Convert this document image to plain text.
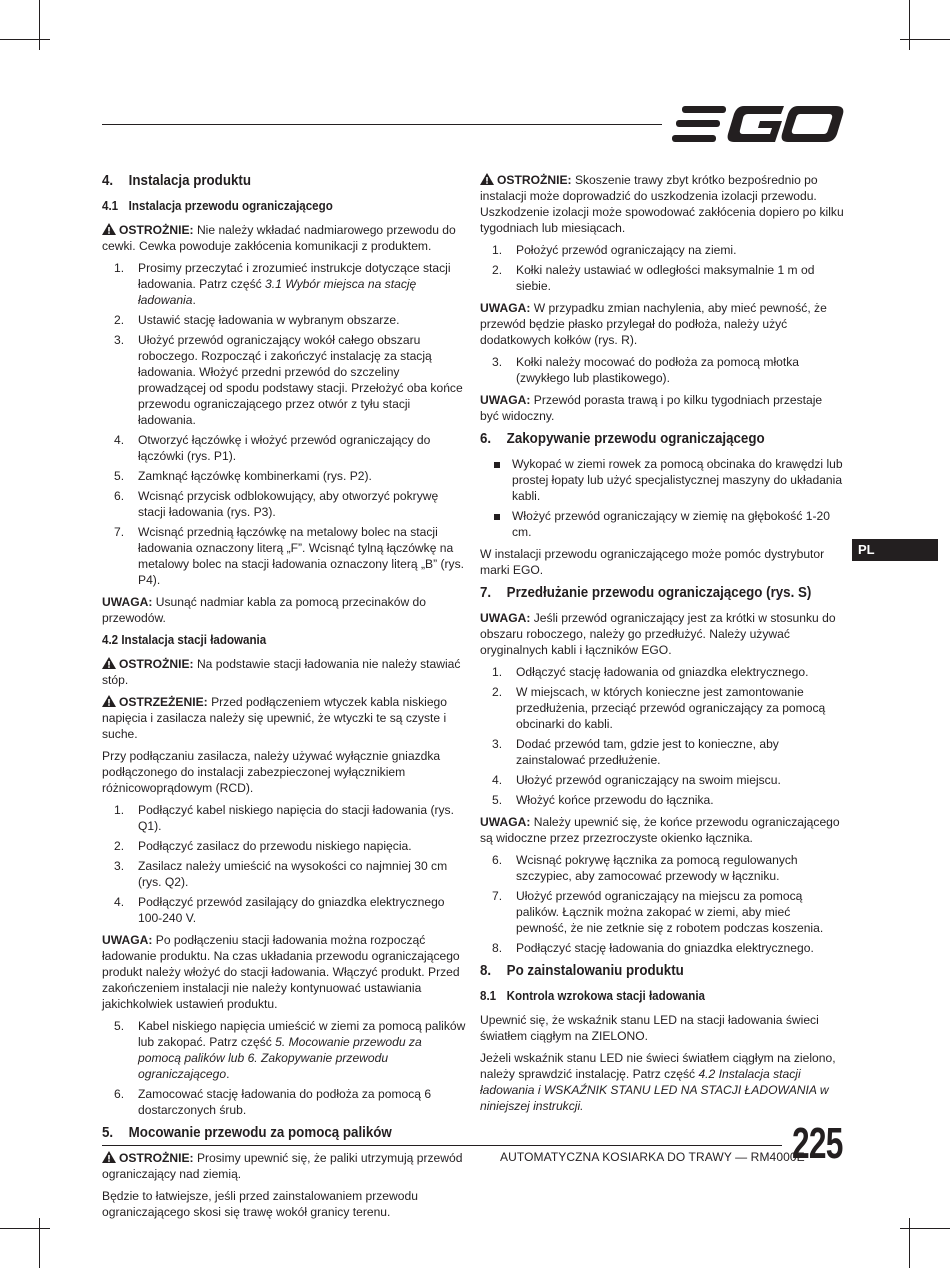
4.	Instalacja produktu
4.1 Instalacja przewodu ograniczającego

OSTROŻNIE: Nie należy wkładać nadmiarowego przewodu do cewki. Cewka powoduje zakłócenia komunikacji z produktem.

1.	Prosimy przeczytać i zrozumieć instrukcje dotyczące stacji ładowania. Patrz część 3.1 Wybór miejsca na stację ładowania.
2.	Ustawić stację ładowania w wybranym obszarze.
3.	Ułożyć przewód ograniczający wokół całego obszaru roboczego. Rozpocząć i zakończyć instalację za stacją ładowania. Włożyć przedni przewód do szczeliny prowadzącej od spodu podstawy stacji. Przełożyć oba końce przewodu ograniczającego przez otwór z tyłu stacji ładowania.
4.	Otworzyć łączówkę i włożyć przewód ograniczający do łączówki (rys. P1).
5.	Zamknąć łączówkę kombinerkami (rys. P2).
6.	Wcisnąć przycisk odblokowujący, aby otworzyć pokrywę stacji ładowania (rys. P3).
7.	Wcisnąć przednią łączówkę na metalowy bolec na stacji ładowania oznaczony literą „F”. Wcisnąć tylną łączówkę na metalowy bolec na stacji ładowania oznaczony literą „B” (rys. P4).

UWAGA: Usunąć nadmiar kabla za pomocą przecinaków do przewodów.

4.2 Instalacja stacji ładowania

OSTROŻNIE: Na podstawie stacji ładowania nie należy stawiać stóp.

OSTRZEŻENIE: Przed podłączeniem wtyczek kabla niskiego napięcia i zasilacza należy się upewnić, że wtyczki te są czyste i suche.

Przy podłączaniu zasilacza, należy używać wyłącznie gniazdka podłączonego do instalacji zabezpieczonej wyłącznikiem różnicowoprądowym (RCD).

1.	Podłączyć kabel niskiego napięcia do stacji ładowania (rys. Q1).
2.	Podłączyć zasilacz do przewodu niskiego napięcia.
3.	Zasilacz należy umieścić na wysokości co najmniej 30 cm (rys. Q2).
4.	Podłączyć przewód zasilający do gniazdka elektrycznego 100-240 V.

UWAGA: Po podłączeniu stacji ładowania można rozpocząć ładowanie produktu. Na czas układania przewodu ograniczającego produkt należy włożyć do stacji ładowania. Włączyć produkt. Przed zakończeniem instalacji nie należy kontynuować ustawiania jakichkolwiek ustawień produktu.

5.	Kabel niskiego napięcia umieścić w ziemi za pomocą palików lub zakopać. Patrz część 5. Mocowanie przewodu za pomocą palików lub 6. Zakopywanie przewodu ograniczającego.
6.	Zamocować stację ładowania do podłoża za pomocą 6 dostarczonych śrub.
5.	Mocowanie przewodu za pomocą palików

OSTROŻNIE: Prosimy upewnić się, że paliki utrzymują przewód ograniczający nad ziemią.

Będzie to łatwiejsze, jeśli przed zainstalowaniem przewodu ograniczającego skosi się trawę wokół granicy terenu.

OSTROŻNIE: Skoszenie trawy zbyt krótko bezpośrednio po instalacji może doprowadzić do uszkodzenia izolacji przewodu. Uszkodzenie izolacji może spowodować zakłócenia dopiero po kilku tygodniach lub miesiącach.

1.	Położyć przewód ograniczający na ziemi.
2.	Kołki należy ustawiać w odległości maksymalnie 1 m od siebie.

UWAGA: W przypadku zmian nachylenia, aby mieć pewność, że przewód będzie płasko przylegał do podłoża, należy użyć dodatkowych kołków (rys. R).

3.	Kołki należy mocować do podłoża za pomocą młotka (zwykłego lub plastikowego).

UWAGA: Przewód porasta trawą i po kilku tygodniach przestaje być widoczny.

6.	Zakopywanie przewodu ograniczającego
Wykopać w ziemi rowek za pomocą obcinaka do krawędzi lub prostej łopaty lub użyć specjalistycznej maszyny do układania kabli.
Włożyć przewód ograniczający w ziemię na głębokość 1-20 cm.

W instalacji przewodu ograniczającego może pomóc dystrybutor marki EGO.

7.	Przedłużanie przewodu ograniczającego (rys. S)

UWAGA: Jeśli przewód ograniczający jest za krótki w stosunku do obszaru roboczego, należy go przedłużyć. Należy używać oryginalnych kabli i łączników EGO.

1.	Odłączyć stację ładowania od gniazdka elektrycznego.
2.	W miejscach, w których konieczne jest zamontowanie przedłużenia, przeciąć przewód ograniczający za pomocą obcinarki do kabli.
3.	Dodać przewód tam, gdzie jest to konieczne, aby zainstalować przedłużenie.
4.	Ułożyć przewód ograniczający na swoim miejscu.
5.	Włożyć końce przewodu do łącznika.

UWAGA: Należy upewnić się, że końce przewodu ograniczającego są widoczne przez przezroczyste okienko łącznika.

6.	Wcisnąć pokrywę łącznika za pomocą regulowanych szczypiec, aby zamocować przewody w łączniku.
7.	Ułożyć przewód ograniczający na miejscu za pomocą palików. Łącznik można zakopać w ziemi, aby mieć pewność, że nie zetknie się z robotem podczas koszenia.
8.	Podłączyć stację ładowania do gniazdka elektrycznego.
8.	Po zainstalowaniu produktu
8.1 Kontrola wzrokowa stacji ładowania

Upewnić się, że wskaźnik stanu LED na stacji ładowania świeci światłem ciągłym na ZIELONO.

Jeżeli wskaźnik stanu LED nie świeci światłem ciągłym na zielono, należy sprawdzić instalację. Patrz część 4.2 Instalacja stacji ładowania i WSKAŹNIK STANU LED NA STACJI ŁADOWANIA w niniejszej instrukcji.

PL
AUTOMATYCZNA KOSIARKA DO TRAWY — RM4000E
225
